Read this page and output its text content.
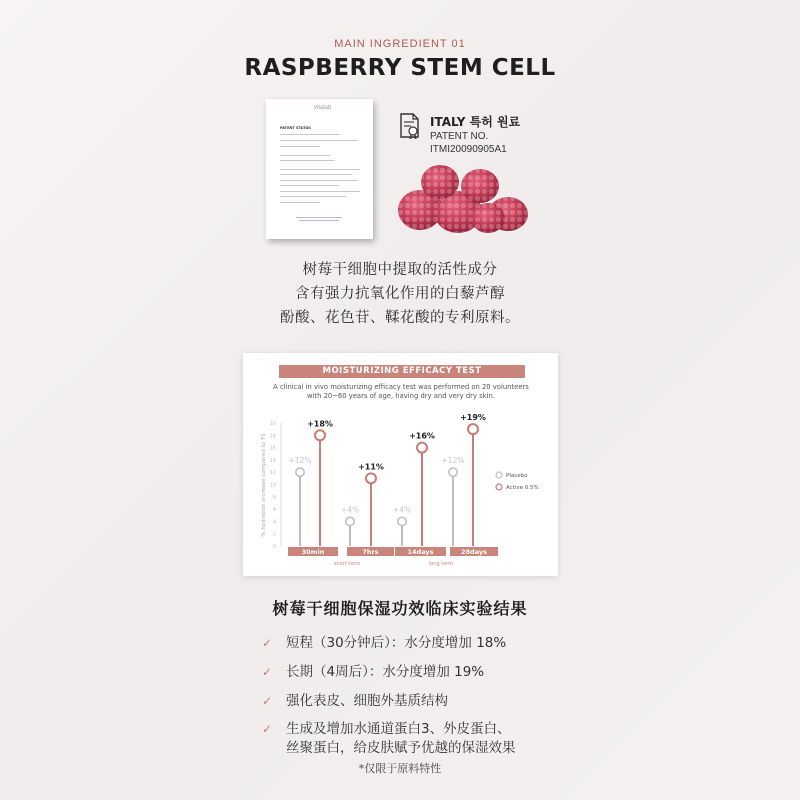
MAIN INGREDIENT 01
RASPBERRY STEM CELL
vitalab
PATENT STATUS	ITALY 특허 원료
PATENT NO.
ITMI20090905A1
树莓干细胞中提取的活性成分
含有强力抗氧化作用的白藜芦醇
酚酸、花色苷、鞣花酸的专利原料。
MOISTURIZING EFFICACY TEST
A clinical in vivo moisturizing efficacy test was performed on 20 volunteers
with 20~60 years of age, having dry and very dry skin.
0
2
4
6
8
10
12
14
16
18
20
% hydration increase compared to T0
30min	7hrs	14days	28days
short term	long term
+12%
+4%	+4%
+12%
+18%
+11%
+16%
+19%
Placebo
Active 0.5%
树莓干细胞保湿功效临床实验结果
✓ 短程（30分钟后）：水分度增加 18%
✓ 长期（4周后）：水分度增加 19%
✓ 强化表皮、细胞外基质结构
✓ 生成及增加水通道蛋白3、外皮蛋白、
丝聚蛋白，给皮肤赋予优越的保湿效果
*仅限于原料特性
